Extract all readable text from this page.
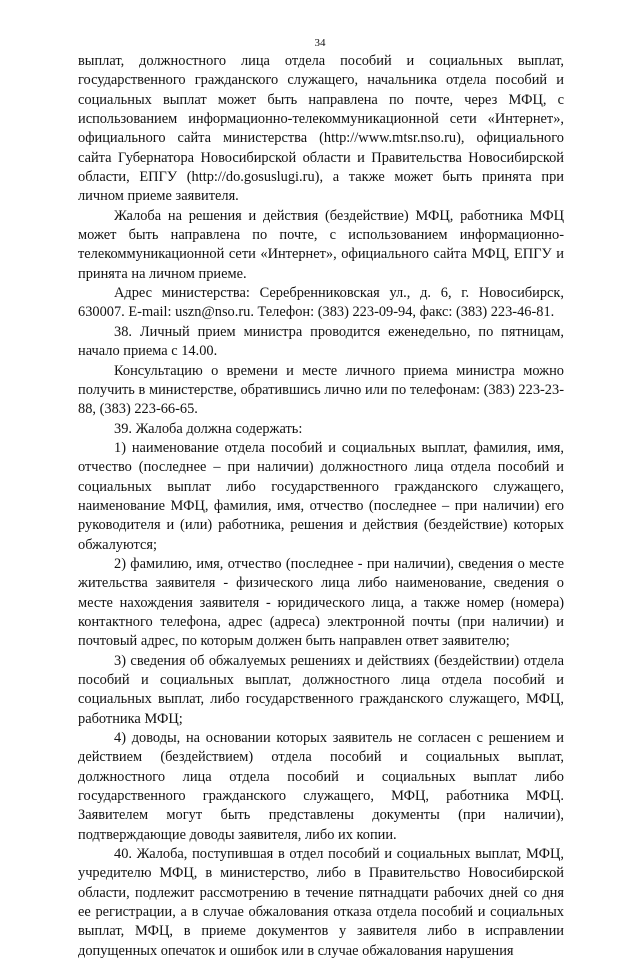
34

выплат, должностного лица отдела пособий и социальных выплат, государственного гражданского служащего, начальника отдела пособий и социальных выплат может быть направлена по почте, через МФЦ, с использованием информационно-телекоммуникационной сети «Интернет», официального сайта министерства (http://www.mtsr.nso.ru), официального сайта Губернатора Новосибирской области и Правительства Новосибирской области, ЕПГУ (http://do.gosuslugi.ru), а также может быть принята при личном приеме заявителя.

Жалоба на решения и действия (бездействие) МФЦ, работника МФЦ может быть направлена по почте, с использованием информационно-телекоммуникационной сети «Интернет», официального сайта МФЦ, ЕПГУ и принята на личном приеме.

Адрес министерства: Серебренниковская ул., д. 6, г. Новосибирск, 630007. E-mail: uszn@nso.ru. Телефон: (383) 223-09-94, факс: (383) 223-46-81.

38. Личный прием министра проводится еженедельно, по пятницам, начало приема с 14.00.

Консультацию о времени и месте личного приема министра можно получить в министерстве, обратившись лично или по телефонам: (383) 223-23-88, (383) 223-66-65.

39. Жалоба должна содержать:

1) наименование отдела пособий и социальных выплат, фамилия, имя, отчество (последнее – при наличии) должностного лица отдела пособий и социальных выплат либо государственного гражданского служащего, наименование МФЦ, фамилия, имя, отчество (последнее – при наличии) его руководителя и (или) работника, решения и действия (бездействие) которых обжалуются;

2) фамилию, имя, отчество (последнее - при наличии), сведения о месте жительства заявителя - физического лица либо наименование, сведения о месте нахождения заявителя - юридического лица, а также номер (номера) контактного телефона, адрес (адреса) электронной почты (при наличии) и почтовый адрес, по которым должен быть направлен ответ заявителю;

3) сведения об обжалуемых решениях и действиях (бездействии) отдела пособий и социальных выплат, должностного лица отдела пособий и социальных выплат, либо государственного гражданского служащего, МФЦ, работника МФЦ;

4) доводы, на основании которых заявитель не согласен с решением и действием (бездействием) отдела пособий и социальных выплат, должностного лица отдела пособий и социальных выплат либо государственного гражданского служащего, МФЦ, работника МФЦ. Заявителем могут быть представлены документы (при наличии), подтверждающие доводы заявителя, либо их копии.

40. Жалоба, поступившая в отдел пособий и социальных выплат, МФЦ, учредителю МФЦ, в министерство, либо в Правительство Новосибирской области, подлежит рассмотрению в течение пятнадцати рабочих дней со дня ее регистрации, а в случае обжалования отказа отдела пособий и социальных выплат, МФЦ, в приеме документов у заявителя либо в исправлении допущенных опечаток и ошибок или в случае обжалования нарушения
